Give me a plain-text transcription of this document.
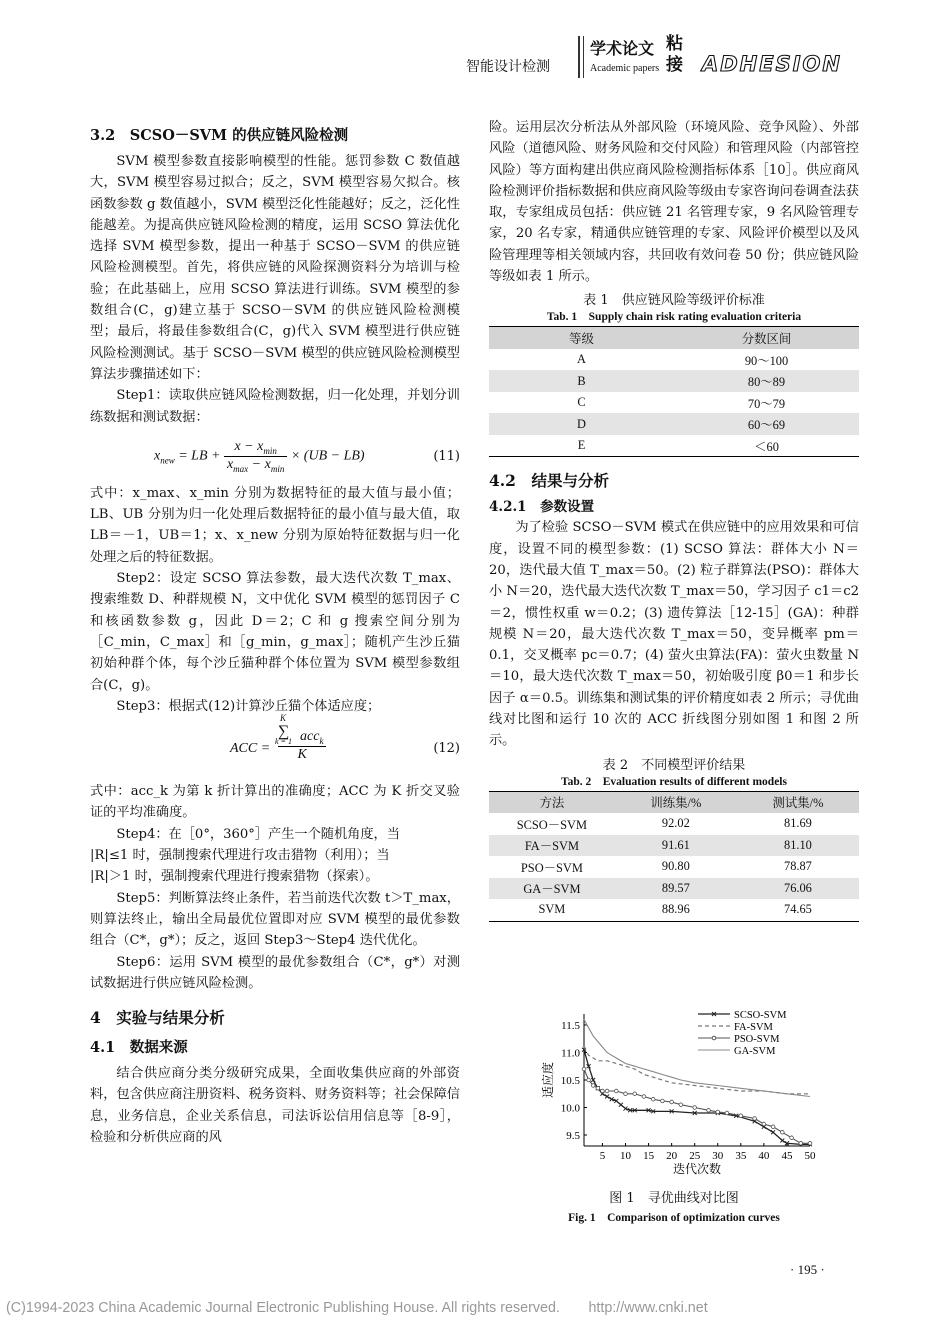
智能设计检测
学术论文
Academic papers
粘接 ADHESION
3.2　SCSO－SVM 的供应链风险检测

SVM 模型参数直接影响模型的性能。惩罚参数 C 数值越大，SVM 模型容易过拟合；反之，SVM 模型容易欠拟合。核函数参数 g 数值越小，SVM 模型泛化性能越好；反之，泛化性能越差。为提高供应链风险检测的精度，运用 SCSO 算法优化选择 SVM 模型参数，提出一种基于 SCSO－SVM 的供应链风险检测模型。首先，将供应链的风险探测资料分为培训与检验；在此基础上，应用 SCSO 算法进行训练。SVM 模型的参数组合(C，g)建立基于 SCSO－SVM 的供应链风险检测模型；最后，将最佳参数组合(C，g)代入 SVM 模型进行供应链风险检测测试。基于 SCSO－SVM 模型的供应链风险检测模型算法步骤描述如下：

Step1：读取供应链风险检测数据，归一化处理，并划分训练数据和测试数据：

$x_{new}$ = LB + $\frac{x - x_{min}}{x_{max} - x_{min}} \times (UB - LB)$	(11)

式中：x_max、x_min 分别为数据特征的最大值与最小值；LB、UB 分别为归一化处理后数据特征的最小值与最大值，取 LB＝－1，UB＝1；x、x_new 分别为原始特征数据与归一化处理之后的特征数据。

Step2：设定 SCSO 算法参数，最大迭代次数 T_max、搜索维数 D、种群规模 N，文中优化 SVM 模型的惩罚因子 C 和核函数参数 g，因此 D＝2；C 和 g 搜索空间分别为［C_min，C_max］和［g_min，g_max］；随机产生沙丘猫初始种群个体，每个沙丘猫种群个体位置为 SVM 模型参数组合(C，g)。

Step3：根据式(12)计算沙丘猫个体适应度；

ACC =
K
∑
k = 1 acc$_k$
K	(12)

式中：acc_k 为第 k 折计算出的准确度；ACC 为 K 折交叉验证的平均准确度。

Step4：在［0°，360°］产生一个随机角度，当

|R|≤1 时，强制搜索代理进行攻击猎物（利用）；当

|R|＞1 时，强制搜索代理进行搜索猎物（探索）。

Step5：判断算法终止条件，若当前迭代次数 t＞T_max，则算法终止，输出全局最优位置即对应 SVM 模型的最优参数组合（C*，g*）；反之，返回 Step3～Step4 迭代优化。

Step6：运用 SVM 模型的最优参数组合（C*，g*）对测试数据进行供应链风险检测。

4　实验与结果分析
4.1　数据来源

结合供应商分类分级研究成果，全面收集供应商的外部资料，包含供应商注册资料、税务资料、财务资料等；社会保障信息，业务信息，企业关系信息，司法诉讼信用信息等［8-9］，检验和分析供应商的风

险。运用层次分析法从外部风险（环境风险、竞争风险）、外部风险（道德风险、财务风险和交付风险）和管理风险（内部管控风险）等方面构建出供应商风险检测指标体系［10］。供应商风险检测评价指标数据和供应商风险等级由专家咨询问卷调查法获取，专家组成员包括：供应链 21 名管理专家，9 名风险管理专家，20 名专家，精通供应链管理的专家、风险评价模型以及风险管理理等相关领域内容，共回收有效问卷 50 份；供应链风险等级如表 1 所示。

表 1　供应链风险等级评价标准
Tab. 1　Supply chain risk rating evaluation criteria
等级	分数区间
A	90～100
B	80～89
C	70～79
D	60～69
E	＜60
4.2　结果与分析
4.2.1　参数设置

为了检验 SCSO－SVM 模式在供应链中的应用效果和可信度，设置不同的模型参数：(1) SCSO 算法：群体大小 N＝20，迭代最大值 T_max＝50。(2) 粒子群算法(PSO)：群体大小 N＝20，迭代最大迭代次数 T_max＝50，学习因子 c1＝c2＝2，惯性权重 w＝0.2；(3) 遗传算法［12-15］(GA)：种群规模 N＝20，最大迭代次数 T_max＝50，变异概率 pm＝0.1，交叉概率 pc＝0.7；(4) 萤火虫算法(FA)：萤火虫数量 N＝10，最大迭代次数 T_max＝50，初始吸引度 β0＝1 和步长因子 α＝0.5。训练集和测试集的评价精度如表 2 所示；寻优曲线对比图和运行 10 次的 ACC 折线图分别如图 1 和图 2 所示。

表 2　不同模型评价结果
Tab. 2　Evaluation results of different models
方法	训练集/%	测试集/%
SCSO－SVM	92.02	81.69
FA－SVM	91.61	81.10
PSO－SVM	90.80	78.87
GA－SVM	89.57	76.06
SVM	88.96	74.65
5 10 15 20 25 30 35 40 45 50
9.5
10.0
10.5
11.0
11.5
迭代次数
适应度
SCSO-SVM
FA-SVM
PSO-SVM
GA-SVM
图 1　寻优曲线对比图
Fig. 1　Comparison of optimization curves
· 195 ·
(C)1994-2023 China Academic Journal Electronic Publishing House. All rights reserved.　　http://www.cnki.net
